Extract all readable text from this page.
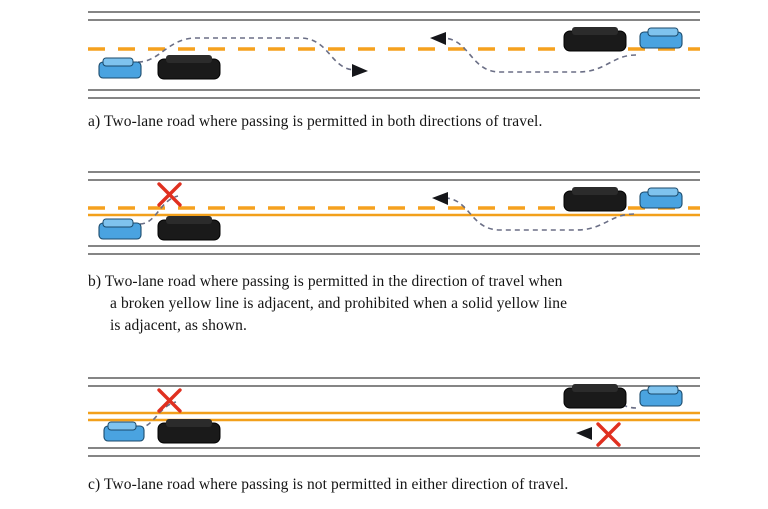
a) Two-lane road where passing is permitted in both directions of travel.
b) Two-lane road where passing is permitted in the direction of travel when
a broken yellow line is adjacent, and prohibited when a solid yellow line
is adjacent, as shown.
c) Two-lane road where passing is not permitted in either direction of travel.
